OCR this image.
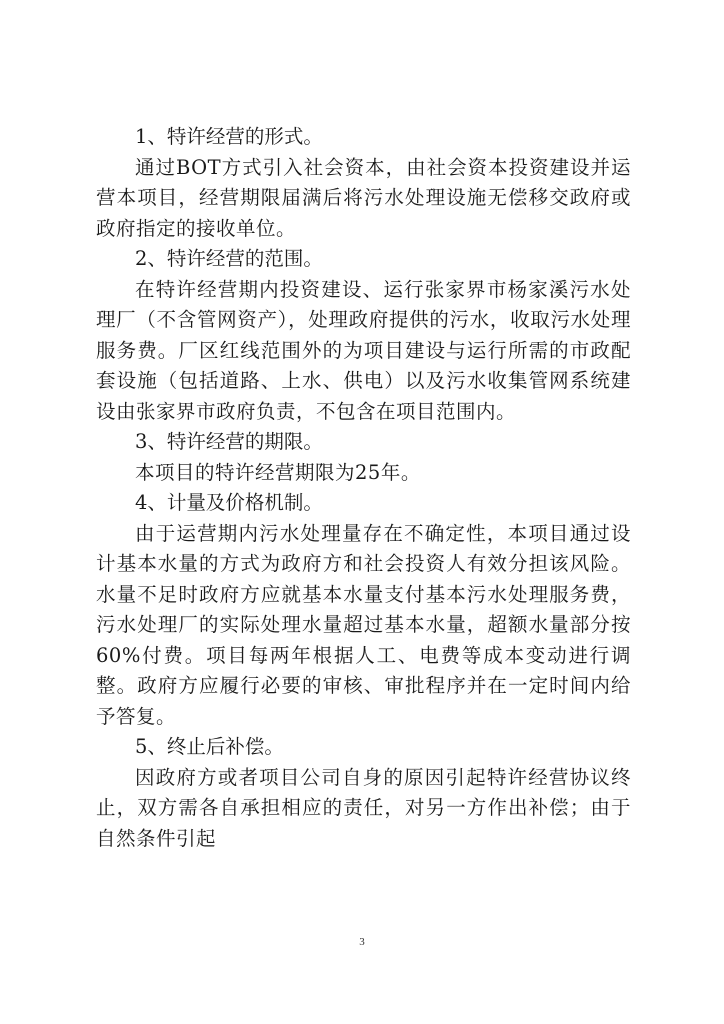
1、特许经营的形式。

通过BOT方式引入社会资本，由社会资本投资建设并运营本项目，经营期限届满后将污水处理设施无偿移交政府或政府指定的接收单位。

2、特许经营的范围。

在特许经营期内投资建设、运行张家界市杨家溪污水处理厂（不含管网资产），处理政府提供的污水，收取污水处理服务费。厂区红线范围外的为项目建设与运行所需的市政配套设施（包括道路、上水、供电）以及污水收集管网系统建设由张家界市政府负责，不包含在项目范围内。

3、特许经营的期限。

本项目的特许经营期限为25年。

4、计量及价格机制。

由于运营期内污水处理量存在不确定性，本项目通过设计基本水量的方式为政府方和社会投资人有效分担该风险。水量不足时政府方应就基本水量支付基本污水处理服务费，污水处理厂的实际处理水量超过基本水量，超额水量部分按60%付费。项目每两年根据人工、电费等成本变动进行调整。政府方应履行必要的审核、审批程序并在一定时间内给予答复。

5、终止后补偿。

因政府方或者项目公司自身的原因引起特许经营协议终止，双方需各自承担相应的责任，对另一方作出补偿；由于自然条件引起

3
